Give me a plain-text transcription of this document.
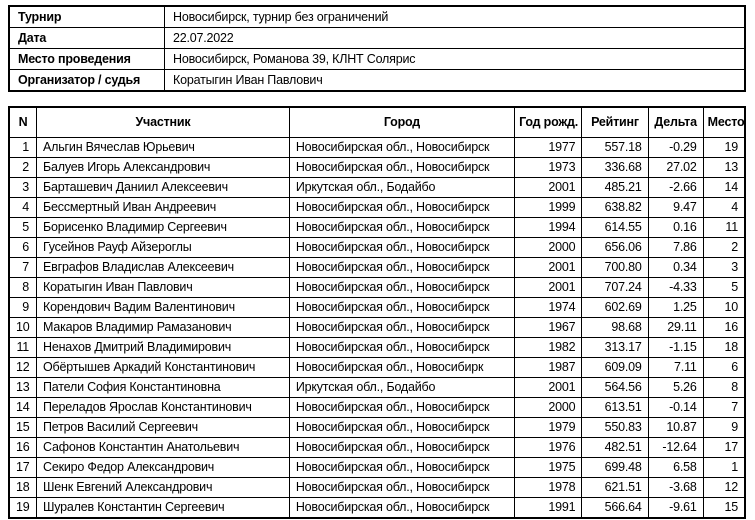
Турнир	Новосибирск, турнир без ограничений
Дата	22.07.2022
Место проведения	Новосибирск, Романова 39, КЛНТ Солярис
Организатор / судья	Коратыгин Иван Павлович
N	Участник	Город	Год рожд.	Рейтинг	Дельта	Место
1	Альгин Вячеслав Юрьевич	Новосибирская обл., Новосибирск	1977	557.18	-0.29	19
2	Балуев Игорь Александрович	Новосибирская обл., Новосибирск	1973	336.68	27.02	13
3	Барташевич Даниил Алексеевич	Иркутская обл., Бодайбо	2001	485.21	-2.66	14
4	Бессмертный Иван Андреевич	Новосибирская обл., Новосибирск	1999	638.82	9.47	4
5	Борисенко Владимир Сергеевич	Новосибирская обл., Новосибирск	1994	614.55	0.16	11
6	Гусейнов Рауф Айзероглы	Новосибирская обл., Новосибирск	2000	656.06	7.86	2
7	Евграфов Владислав Алексеевич	Новосибирская обл., Новосибирск	2001	700.80	0.34	3
8	Коратыгин Иван Павлович	Новосибирская обл., Новосибирск	2001	707.24	-4.33	5
9	Корендович Вадим Валентинович	Новосибирская обл., Новосибирск	1974	602.69	1.25	10
10	Макаров Владимир Рамазанович	Новосибирская обл., Новосибирск	1967	98.68	29.11	16
11	Ненахов Дмитрий Владимирович	Новосибирская обл., Новосибирск	1982	313.17	-1.15	18
12	Обёртышев Аркадий Константинович	Новосибирская обл., Новосибирк	1987	609.09	7.11	6
13	Патели София Константиновна	Иркутская обл., Бодайбо	2001	564.56	5.26	8
14	Переладов Ярослав Константинович	Новосибирская обл., Новосибирск	2000	613.51	-0.14	7
15	Петров Василий Сергеевич	Новосибирская обл., Новосибирск	1979	550.83	10.87	9
16	Сафонов Константин Анатольевич	Новосибирская обл., Новосибирск	1976	482.51	-12.64	17
17	Секиро Федор Александрович	Новосибирская обл., Новосибирск	1975	699.48	6.58	1
18	Шенк Евгений Александрович	Новосибирская обл., Новосибирск	1978	621.51	-3.68	12
19	Шуралев Константин Сергеевич	Новосибирская обл., Новосибирск	1991	566.64	-9.61	15
